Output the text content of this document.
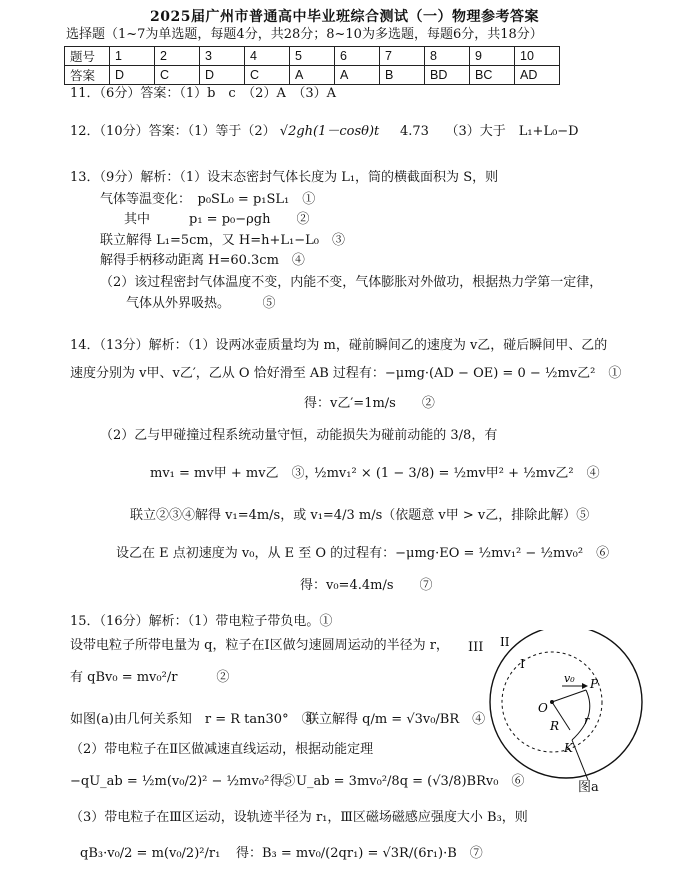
2025届广州市普通高中毕业班综合测试（一）物理参考答案
选择题（1~7为单选题，每题4分，共28分；8~10为多选题，每题6分，共18分）
题号	1	2	3	4	5	6	7	8	9	10
答案	D	C	D	C	A	A	B	BD	BC	AD
11．（6分）答案：（1）b　c　（2）A　（3）A
12．（10分）答案：（1）等于（2） √2gh(1－cosθ)t 4.73 （3）大于　L₁+L₀−D
13．（9分）解析：（1）设末态密封气体长度为 L₁，筒的横截面积为 S，则
气体等温变化：　p₀SL₀ = p₁SL₁　①
其中　　　p₁ = p₀−ρgh　　②
联立解得 L₁=5cm，又 H=h+L₁−L₀　③
解得手柄移动距离 H=60.3cm　④
（2）该过程密封气体温度不变，内能不变，气体膨胀对外做功，根据热力学第一定律，
气体从外界吸热。　　　⑤
14．（13分）解析：（1）设两冰壶质量均为 m，碰前瞬间乙的速度为 v乙，碰后瞬间甲、乙的
速度分别为 v甲、v乙′，乙从 O 恰好滑至 AB 过程有：−μmg·(AD − OE) = 0 − ½mv乙²　①
得：v乙′=1m/s　　②
（2）乙与甲碰撞过程系统动量守恒，动能损失为碰前动能的 3/8，有
mv₁ = mv甲 + mv乙　③，
½mv₁² × (1 − 3/8) = ½mv甲² + ½mv乙²　④
联立②③④解得 v₁=4m/s，或 v₁=4/3 m/s（依题意 v甲 > v乙，排除此解）⑤
设乙在 E 点初速度为 v₀，从 E 至 O 的过程有：−μmg·EO = ½mv₁² − ½mv₀²　⑥
得：v₀=4.4m/s　　⑦
15．（16分）解析：（1）带电粒子带负电。①
设带电粒子所带电量为 q，粒子在Ⅰ区做匀速圆周运动的半径为 r， III
有 qBv₀ = mv₀²/r　　　②
如图(a)由几何关系知　r = R tan30°　③
联立解得 q/m = √3v₀/BR　④
（2）带电粒子在Ⅱ区做减速直线运动，根据动能定理
−qU_ab = ½m(v₀/2)² − ½mv₀²　⑤
得：U_ab = 3mv₀²/8q = (√3/8)BRv₀　⑥
（3）带电粒子在Ⅲ区运动，设轨迹半径为 r₁，Ⅲ区磁场磁感应强度大小 B₃，则
qB₃·v₀/2 = m(v₀/2)²/r₁ 得：B₃ = mv₀/(2qr₁) = √3R/(6r₁)·B　⑦
II
I
O
v₀ P
R r
K
图a
